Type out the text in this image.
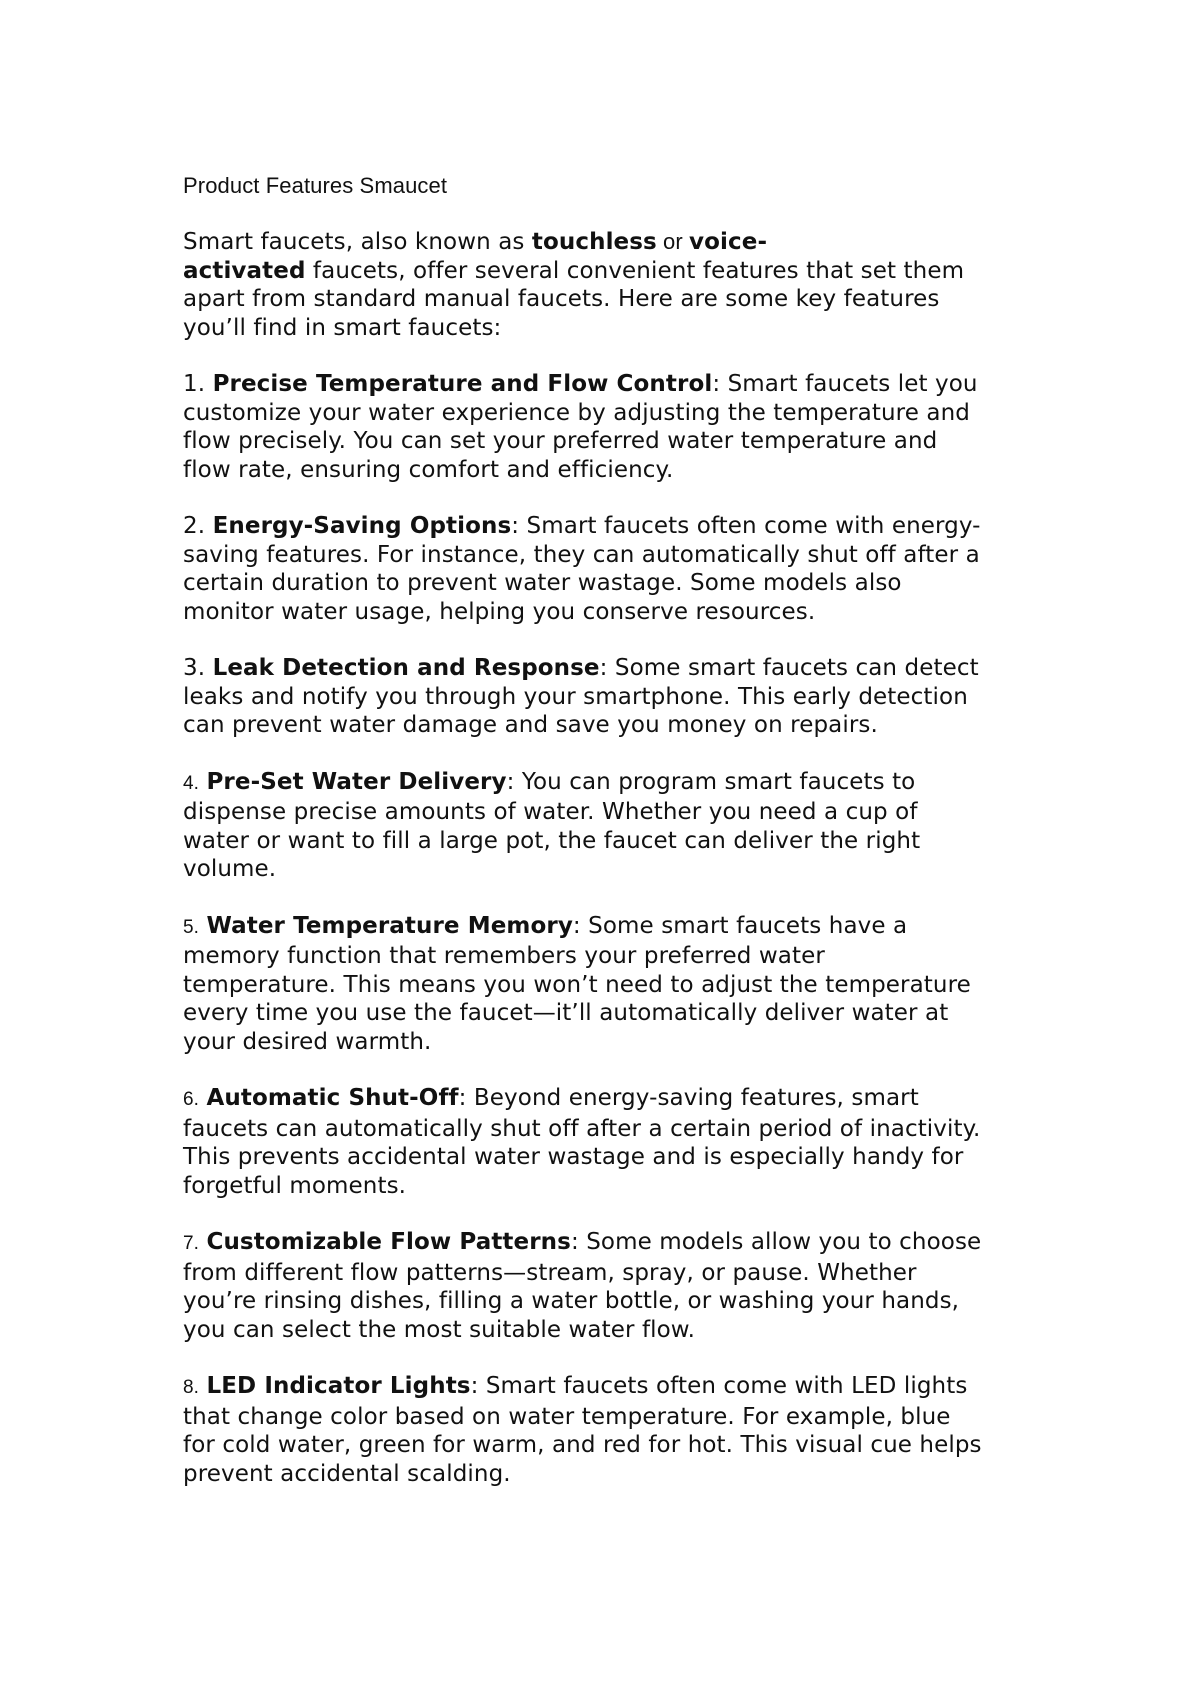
Product Features Smaucet
Smart faucets, also known as touchless or voice-
activated faucets, offer several convenient features that set them
apart from standard manual faucets. Here are some key features
you’ll find in smart faucets:
1. Precise Temperature and Flow Control: Smart faucets let you
customize your water experience by adjusting the temperature and
flow precisely. You can set your preferred water temperature and
flow rate, ensuring comfort and efficiency.
2. Energy-Saving Options: Smart faucets often come with energy-
saving features. For instance, they can automatically shut off after a
certain duration to prevent water wastage. Some models also
monitor water usage, helping you conserve resources.
3. Leak Detection and Response: Some smart faucets can detect
leaks and notify you through your smartphone. This early detection
can prevent water damage and save you money on repairs.
4. Pre-Set Water Delivery: You can program smart faucets to
dispense precise amounts of water. Whether you need a cup of
water or want to fill a large pot, the faucet can deliver the right
volume.
5. Water Temperature Memory: Some smart faucets have a
memory function that remembers your preferred water
temperature. This means you won’t need to adjust the temperature
every time you use the faucet—it’ll automatically deliver water at
your desired warmth.
6. Automatic Shut-Off: Beyond energy-saving features, smart
faucets can automatically shut off after a certain period of inactivity.
This prevents accidental water wastage and is especially handy for
forgetful moments.
7. Customizable Flow Patterns: Some models allow you to choose
from different flow patterns—stream, spray, or pause. Whether
you’re rinsing dishes, filling a water bottle, or washing your hands,
you can select the most suitable water flow.
8. LED Indicator Lights: Smart faucets often come with LED lights
that change color based on water temperature. For example, blue
for cold water, green for warm, and red for hot. This visual cue helps
prevent accidental scalding.
